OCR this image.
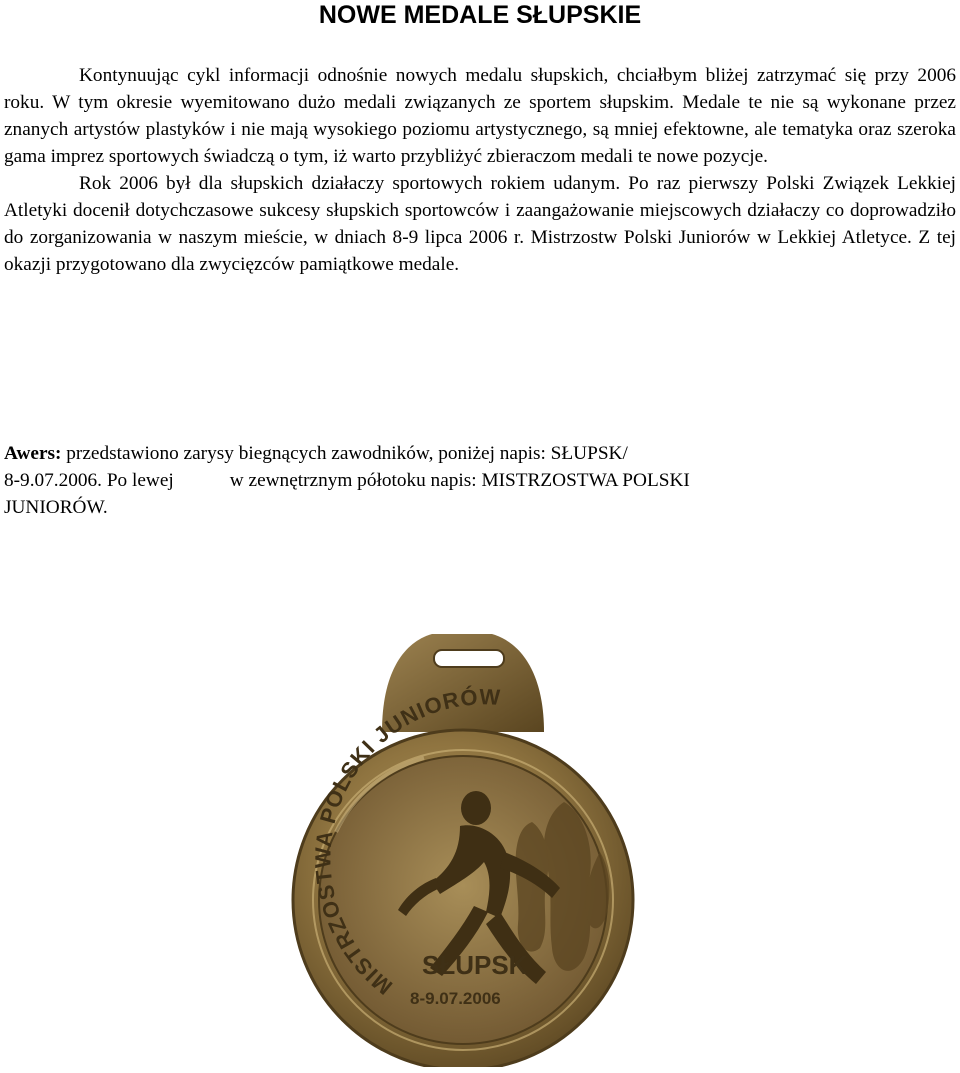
NOWE MEDALE SŁUPSKIE

Kontynuując cykl informacji odnośnie nowych medalu słupskich, chciałbym bliżej zatrzymać się przy 2006 roku. W tym okresie wyemitowano dużo medali związanych ze sportem słupskim. Medale te nie są wykonane przez znanych artystów plastyków i nie mają wysokiego poziomu artystycznego, są mniej efektowne, ale tematyka oraz szeroka gama imprez sportowych świadczą o tym, iż warto przybliżyć zbieraczom medali te nowe pozycje.

Rok 2006 był dla słupskich działaczy sportowych rokiem udanym. Po raz pierwszy Polski Związek Lekkiej Atletyki docenił dotychczasowe sukcesy słupskich sportowców i zaangażowanie miejscowych działaczy co doprowadziło do zorganizowania w naszym mieście, w dniach 8-9 lipca 2006 r. Mistrzostw Polski Juniorów w Lekkiej Atletyce. Z tej okazji przygotowano dla zwycięzców pamiątkowe medale.

Awers: przedstawiono zarysy biegnących zawodników, poniżej napis: SŁUPSK/
8-9.07.2006. Po lewej	w zewnętrznym półotoku napis: MISTRZOSTWA POLSKI
JUNIORÓW.
MISTRZOSTWA POLSKI JUNIORÓW
SŁUPSK
8-9.07.2006
